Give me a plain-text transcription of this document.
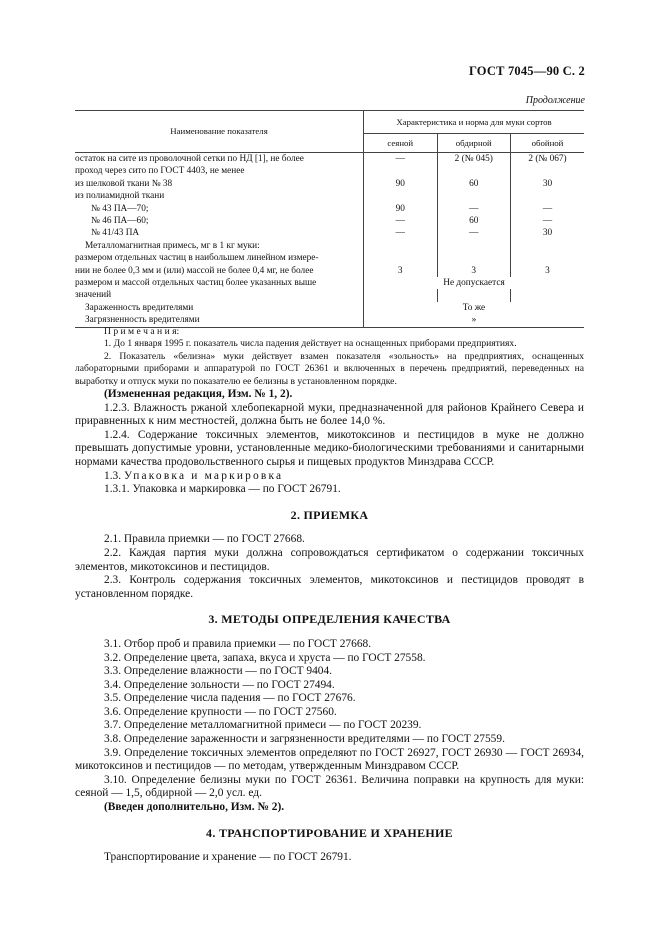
ГОСТ 7045—90 С. 2
Продолжение
Наименование показателя	Характеристика и норма для муки сортов		
	сеяной	обдирной	обойной
остаток на сите из проволочной сетки по НД [1], не более	—	2 (№ 045)	2 (№ 067)
проход через сито по ГОСТ 4403, не менее			
из шелковой ткани № 38	90	60	30
из полиамидной ткани			
№ 43 ПА—70;	90	—	—
№ 46 ПА—60;	—	60	—
№ 41/43 ПА	—	—	30
Металломагнитная примесь, мг в 1 кг муки:			
размером отдельных частиц в наибольшем линейном измере-			
нии не более 0,3 мм и (или) массой не более 0,4 мг, не более	3	3	3
размером и массой отдельных частиц более указанных выше	Не допускается		
значений			
Зараженность вредителями	То же		
Загрязненность вредителями	»		
П р и м е ч а н и я:
1. До 1 января 1995 г. показатель числа падения действует на оснащенных приборами предприятиях.
2. Показатель «белизна» муки действует взамен показателя «зольность» на предприятиях, оснащенных лабораторными приборами и аппаратурой по ГОСТ 26361 и включенных в перечень предприятий, переведенных на выработку и отпуск муки по показателю ее белизны в установленном порядке.
(Измененная редакция, Изм. № 1, 2).
1.2.3. Влажность ржаной хлебопекарной муки, предназначенной для районов Крайнего Севера и приравненных к ним местностей, должна быть не более 14,0 %.
1.2.4. Содержание токсичных элементов, микотоксинов и пестицидов в муке не должно превышать допустимые уровни, установленные медико-биологическими требованиями и санитарными нормами качества продовольственного сырья и пищевых продуктов Минздрава СССР.
1.3. Упаковка и маркировка
1.3.1. Упаковка и маркировка — по ГОСТ 26791.
2. ПРИЕМКА
2.1. Правила приемки — по ГОСТ 27668.
2.2. Каждая партия муки должна сопровождаться сертификатом о содержании токсичных элементов, микотоксинов и пестицидов.
2.3. Контроль содержания токсичных элементов, микотоксинов и пестицидов проводят в установленном порядке.
3. МЕТОДЫ ОПРЕДЕЛЕНИЯ КАЧЕСТВА
3.1. Отбор проб и правила приемки — по ГОСТ 27668.
3.2. Определение цвета, запаха, вкуса и хруста — по ГОСТ 27558.
3.3. Определение влажности — по ГОСТ 9404.
3.4. Определение зольности — по ГОСТ 27494.
3.5. Определение числа падения — по ГОСТ 27676.
3.6. Определение крупности — по ГОСТ 27560.
3.7. Определение металломагнитной примеси — по ГОСТ 20239.
3.8. Определение зараженности и загрязненности вредителями — по ГОСТ 27559.
3.9. Определение токсичных элементов определяют по ГОСТ 26927, ГОСТ 26930 — ГОСТ 26934, микотоксинов и пестицидов — по методам, утвержденным Минздравом СССР.
3.10. Определение белизны муки по ГОСТ 26361. Величина поправки на крупность для муки: сеяной — 1,5, обдирной — 2,0 усл. ед.
(Введен дополнительно, Изм. № 2).
4. ТРАНСПОРТИРОВАНИЕ И ХРАНЕНИЕ
Транспортирование и хранение — по ГОСТ 26791.
